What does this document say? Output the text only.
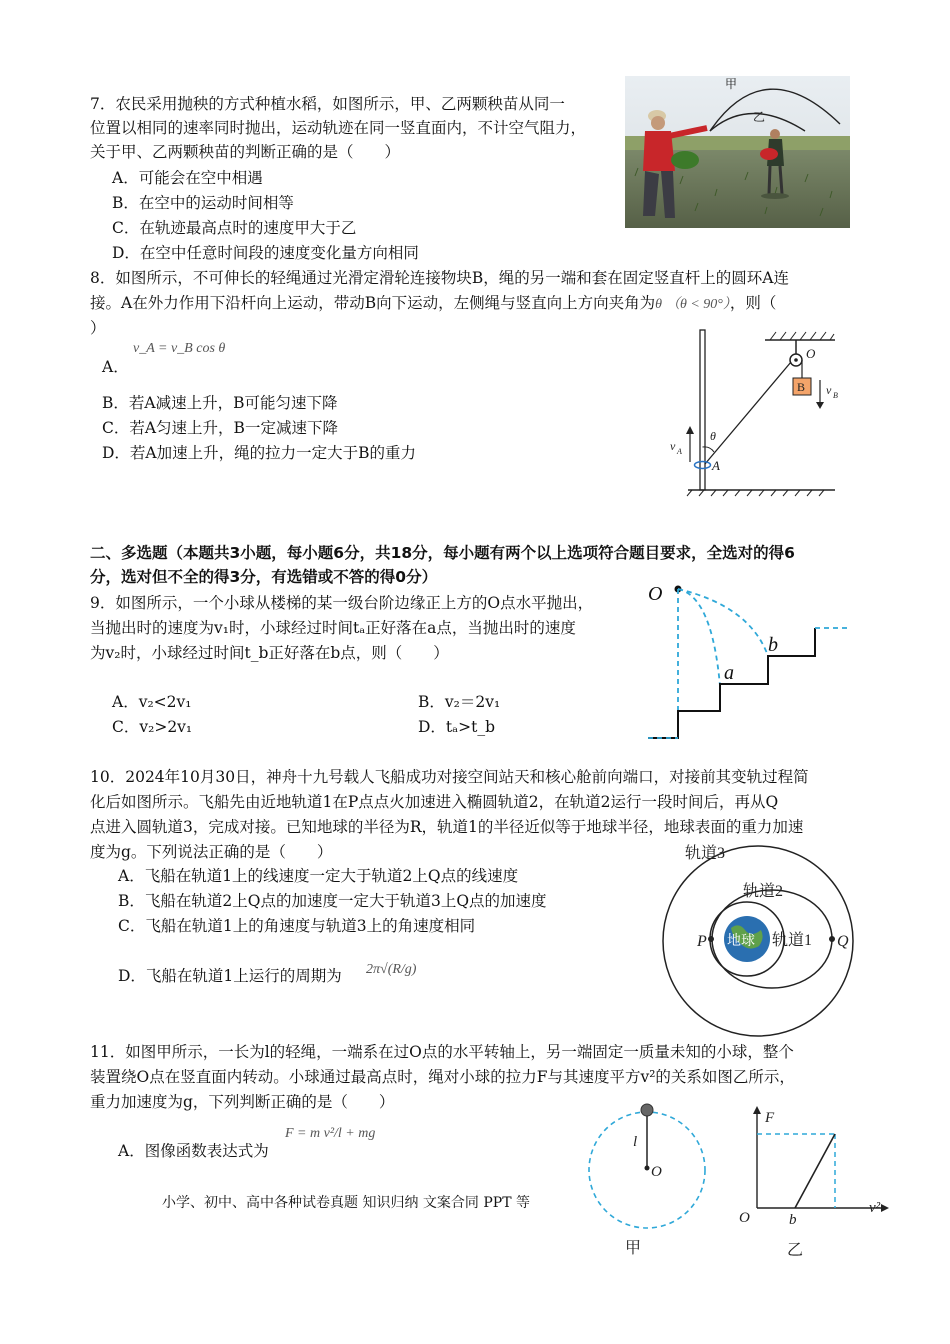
7．农民采用抛秧的方式种植水稻，如图所示，甲、乙两颗秧苗从同一
位置以相同的速率同时抛出，运动轨迹在同一竖直面内，不计空气阻力，
关于甲、乙两颗秧苗的判断正确的是（　　）
A．可能会在空中相遇
B．在空中的运动时间相等
C．在轨迹最高点时的速度甲大于乙
D．在空中任意时间段的速度变化量方向相同
甲
乙
8．如图所示，不可伸长的轻绳通过光滑定滑轮连接物块B，绳的另一端和套在固定竖直杆上的圆环A连
接。A在外力作用下沿杆向上运动，带动B向下运动，左侧绳与竖直向上方向夹角为θ （θ < 90°），则（
）
A．
v_A = v_B cos θ
B．若A减速上升，B可能匀速下降
C．若A匀速上升，B一定减速下降
D．若A加速上升，绳的拉力一定大于B的重力
O
B v B
A
θ
v A
二、多选题（本题共3小题，每小题6分，共18分，每小题有两个以上选项符合题目要求，全选对的得6
分，选对但不全的得3分，有选错或不答的得0分）
9．如图所示，一个小球从楼梯的某一级台阶边缘正上方的O点水平抛出，
当抛出时的速度为v₁时，小球经过时间tₐ正好落在a点，当抛出时的速度
为v₂时，小球经过时间t_b正好落在b点，则（　　）
A．v₂<2v₁	B．v₂＝2v₁
C．v₂>2v₁	D．tₐ>t_b
O
a
b
10．2024年10月30日，神舟十九号载人飞船成功对接空间站天和核心舱前向端口，对接前其变轨过程简
化后如图所示。飞船先由近地轨道1在P点点火加速进入椭圆轨道2，在轨道2运行一段时间后，再从Q
点进入圆轨道3，完成对接。已知地球的半径为R，轨道1的半径近似等于地球半径，地球表面的重力加速
度为g。下列说法正确的是（　　）
A．飞船在轨道1上的线速度一定大于轨道2上Q点的线速度
B．飞船在轨道2上Q点的加速度一定大于轨道3上Q点的加速度
C．飞船在轨道1上的角速度与轨道3上的角速度相同
D．飞船在轨道1上运行的周期为 2π√(R/g)
轨道3
轨道2
地球 轨道1
P	Q
11．如图甲所示，一长为l的轻绳，一端系在过O点的水平转轴上，另一端固定一质量未知的小球，整个
装置绕O点在竖直面内转动。小球通过最高点时，绳对小球的拉力F与其速度平方v²的关系如图乙所示，
重力加速度为g，下列判断正确的是（　　）
A．图像函数表达式为
F = m v²/l + mg
l
O
甲
F
O	b
v²
乙
小学、初中、高中各种试卷真题 知识归纳 文案合同 PPT 等
